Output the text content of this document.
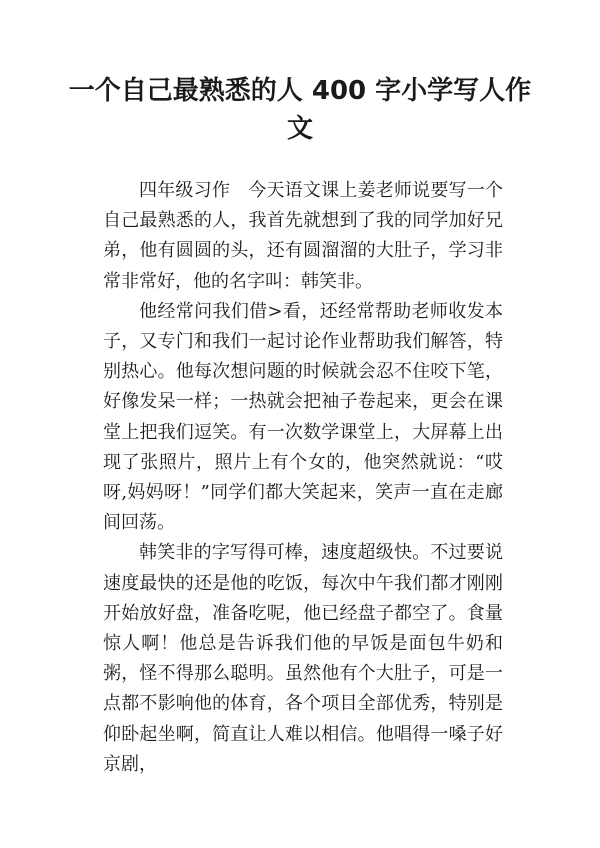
一个自己最熟悉的人 400 字小学写人作文

四年级习作　今天语文课上姜老师说要写一个自己最熟悉的人，我首先就想到了我的同学加好兄弟，他有圆圆的头，还有圆溜溜的大肚子，学习非常非常好，他的名字叫：韩笑非。

他经常问我们借>看，还经常帮助老师收发本子，又专门和我们一起讨论作业帮助我们解答，特别热心。他每次想问题的时候就会忍不住咬下笔，好像发呆一样；一热就会把袖子卷起来，更会在课堂上把我们逗笑。有一次数学课堂上，大屏幕上出现了张照片，照片上有个女的，他突然就说：“哎呀,妈妈呀！”同学们都大笑起来，笑声一直在走廊间回荡。

韩笑非的字写得可棒，速度超级快。不过要说速度最快的还是他的吃饭，每次中午我们都才刚刚开始放好盘，准备吃呢，他已经盘子都空了。食量惊人啊！他总是告诉我们他的早饭是面包牛奶和粥，怪不得那么聪明。虽然他有个大肚子，可是一点都不影响他的体育，各个项目全部优秀，特别是仰卧起坐啊，简直让人难以相信。他唱得一嗓子好京剧，
